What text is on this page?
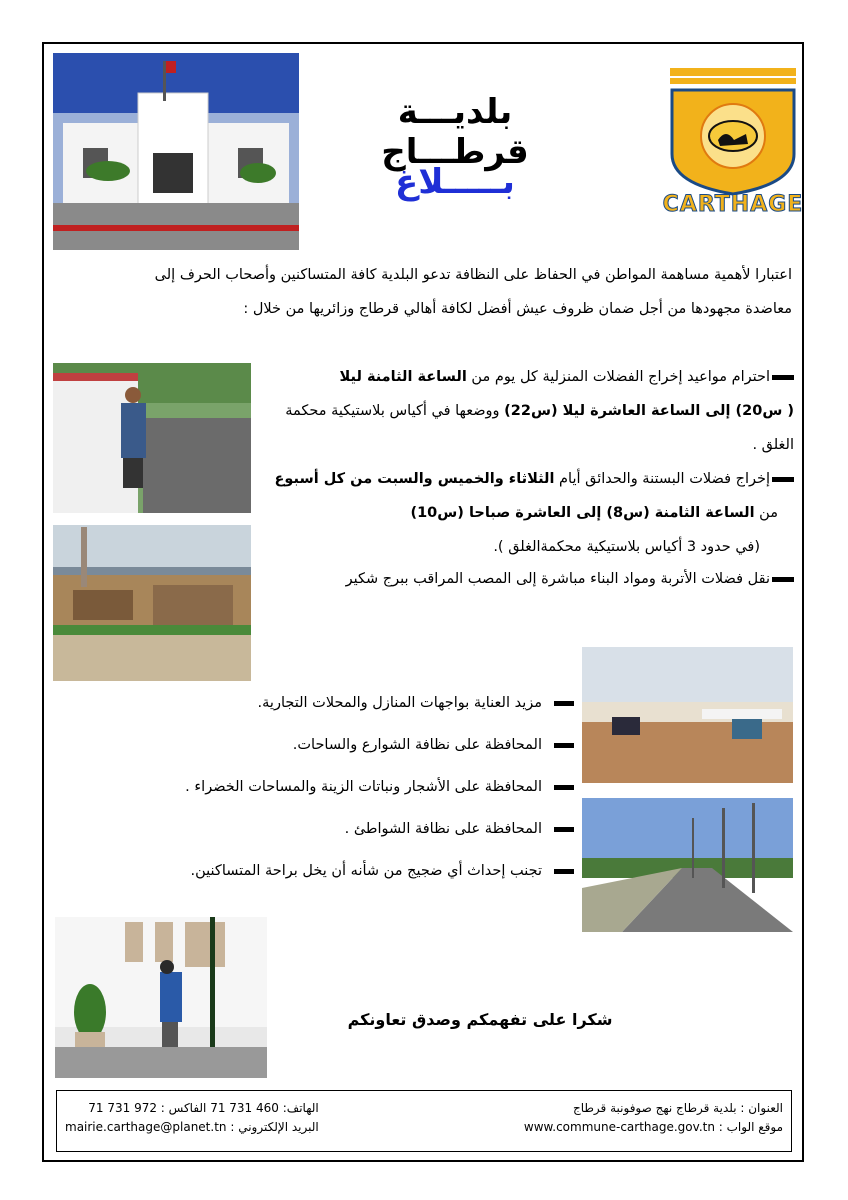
بلديـــة قرطـــاج
بـــــلاغ
CARTHAGE
اعتبارا لأهمية مساهمة المواطن في الحفاظ على النظافة تدعو البلدية كافة المتساكنين وأصحاب الحرف إلى
معاضدة مجهودها من أجل ضمان ظروف عيش أفضل لكافة أهالي قرطاج وزائريها من خلال :
احترام مواعيد إخراج الفضلات المنزلية كل يوم من الساعة الثامنة ليلا
( س20) إلى الساعة العاشرة ليلا (س22) ووضعها في أكياس بلاستيكية محكمة
الغلق .
إخراج فضلات البستنة والحدائق أيام الثلاثاء والخميس والسبت من كل أسبوع
من الساعة الثامنة (س8) إلى العاشرة صباحا (س10)
(في حدود 3 أكياس بلاستيكية محكمةالغلق ).
نقل فضلات الأتربة ومواد البناء مباشرة إلى المصب المراقب ببرج شكير
مزيد العناية بواجهات المنازل والمحلات التجارية.
المحافظة على نظافة الشوارع والساحات.
المحافظة على الأشجار ونباتات الزينة والمساحات الخضراء .
المحافظة على نظافة الشواطئ .
تجنب إحداث أي ضجيج من شأنه أن يخل براحة المتساكنين.
شكرا على تفهمكم وصدق تعاونكم
العنوان : بلدية قرطاج نهج صوفونبة قرطاج
موقع الواب : www.commune-carthage.gov.tn
الهاتف: 71 731 460 الفاكس : 71 731 972
البريد الإلكتروني : mairie.carthage@planet.tn
